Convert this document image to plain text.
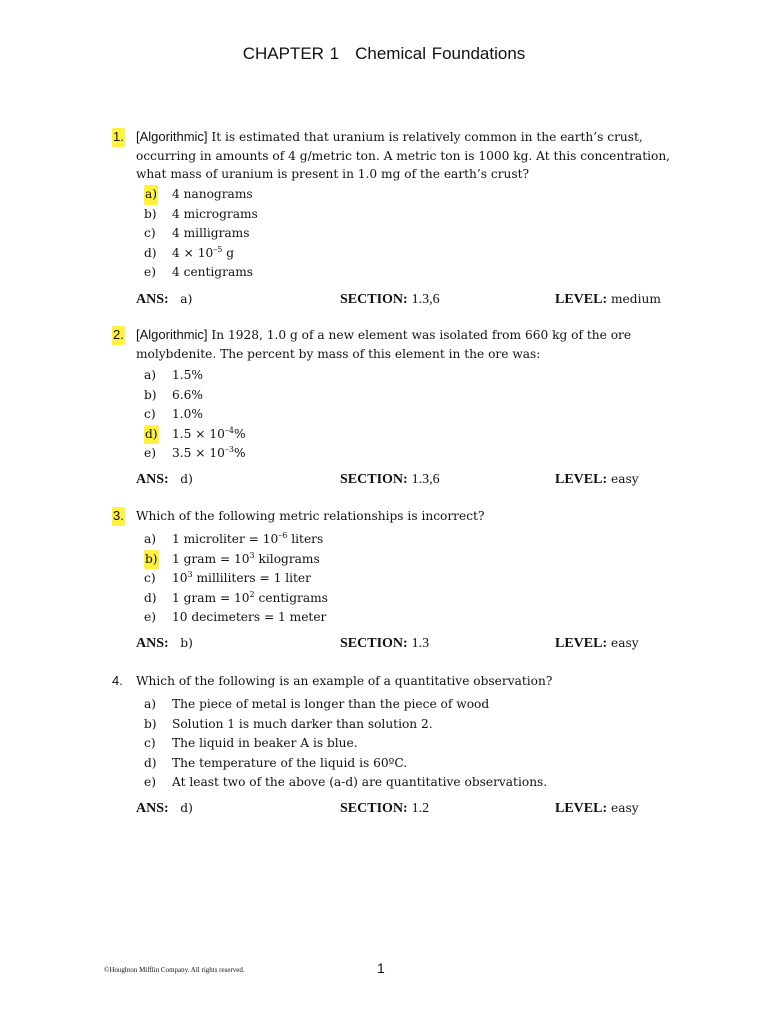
CHAPTER 1 Chemical Foundations
1. [Algorithmic] It is estimated that uranium is relatively common in the earth’s crust,
occurring in amounts of 4 g/metric ton. A metric ton is 1000 kg. At this concentration,
what mass of uranium is present in 1.0 mg of the earth’s crust?
a) 4 nanograms
b) 4 micrograms
c) 4 milligrams
d) $4 \times 10^{-5}$ g
e) 4 centigrams
ANS: a)	SECTION: 1.3,6	LEVEL: medium
2. [Algorithmic] In 1928, 1.0 g of a new element was isolated from 660 kg of the ore
molybdenite. The percent by mass of this element in the ore was:
a) 1.5%
b) 6.6%
c) 1.0%
d) $1.5 \times 10^{-4}\%$
e) $3.5 \times 10^{-3}\%$
ANS: d)	SECTION: 1.3,6	LEVEL: easy
3. Which of the following metric relationships is incorrect?
a) 1 microliter = $10^{-6}$ liters
b) 1 gram = $10^3$ kilograms
c) $10^3$ milliliters = 1 liter
d) 1 gram = $10^2$ centigrams
e) 10 decimeters = 1 meter
ANS: b)	SECTION: 1.3	LEVEL: easy
4. Which of the following is an example of a quantitative observation?
a) The piece of metal is longer than the piece of wood
b) Solution 1 is much darker than solution 2.
c) The liquid in beaker A is blue.
d) The temperature of the liquid is 60ºC.
e) At least two of the above (a-d) are quantitative observations.
ANS: d)	SECTION: 1.2	LEVEL: easy
©Houghton Mifflin Company. All rights reserved.	1
